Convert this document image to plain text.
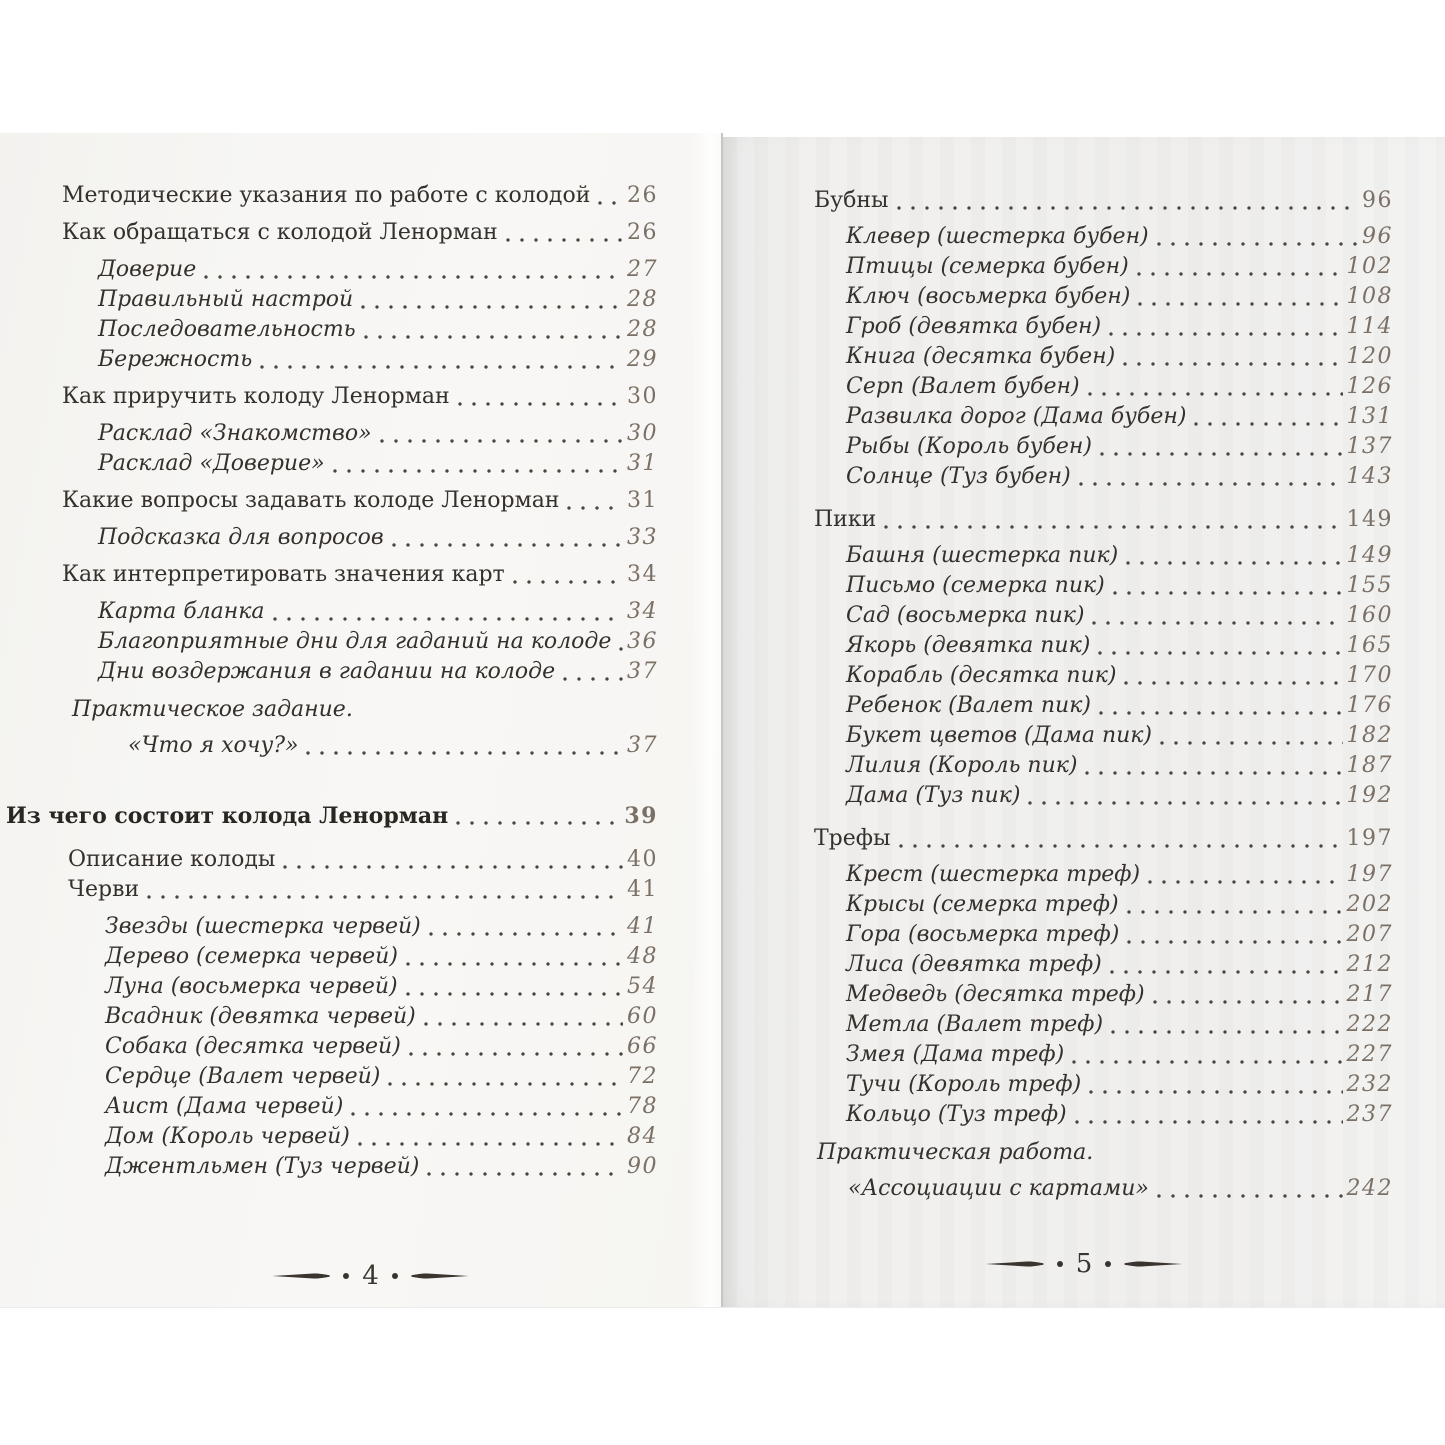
Методические указания по работе с колодой 26
Как обращаться с колодой Ленорман	26
Доверие	27
Правильный настрой	28
Последовательность	28
Бережность	29
Как приручить колоду Ленорман	30
Расклад «Знакомство»	30
Расклад «Доверие»	31
Какие вопросы задавать колоде Ленорман	31
Подсказка для вопросов	33
Как интерпретировать значения карт	34
Карта бланка	34
Благоприятные дни для гаданий на колоде 36
Дни воздержания в гадании на колоде	37
Практическое задание.
«Что я хочу?»	37
Из чего состоит колода Ленорман	39
Описание колоды	40
Черви	41
Звезды (шестерка червей)	41
Дерево (семерка червей)	48
Луна (восьмерка червей)	54
Всадник (девятка червей)	60
Собака (десятка червей)	66
Сердце (Валет червей)	72
Аист (Дама червей)	78
Дом (Король червей)	84
Джентльмен (Туз червей)	90
4
Бубны	96
Клевер (шестерка бубен)	96
Птицы (семерка бубен)	102
Ключ (восьмерка бубен)	108
Гроб (девятка бубен)	114
Книга (десятка бубен)	120
Серп (Валет бубен)	126
Развилка дорог (Дама бубен)	131
Рыбы (Король бубен)	137
Солнце (Туз бубен)	143
Пики	149
Башня (шестерка пик)	149
Письмо (семерка пик)	155
Сад (восьмерка пик)	160
Якорь (девятка пик)	165
Корабль (десятка пик)	170
Ребенок (Валет пик)	176
Букет цветов (Дама пик)	182
Лилия (Король пик)	187
Дама (Туз пик)	192
Трефы	197
Крест (шестерка треф)	197
Крысы (семерка треф)	202
Гора (восьмерка треф)	207
Лиса (девятка треф)	212
Медведь (десятка треф)	217
Метла (Валет треф)	222
Змея (Дама треф)	227
Тучи (Король треф)	232
Кольцо (Туз треф)	237
Практическая работа.
«Ассоциации с картами»	242
5
